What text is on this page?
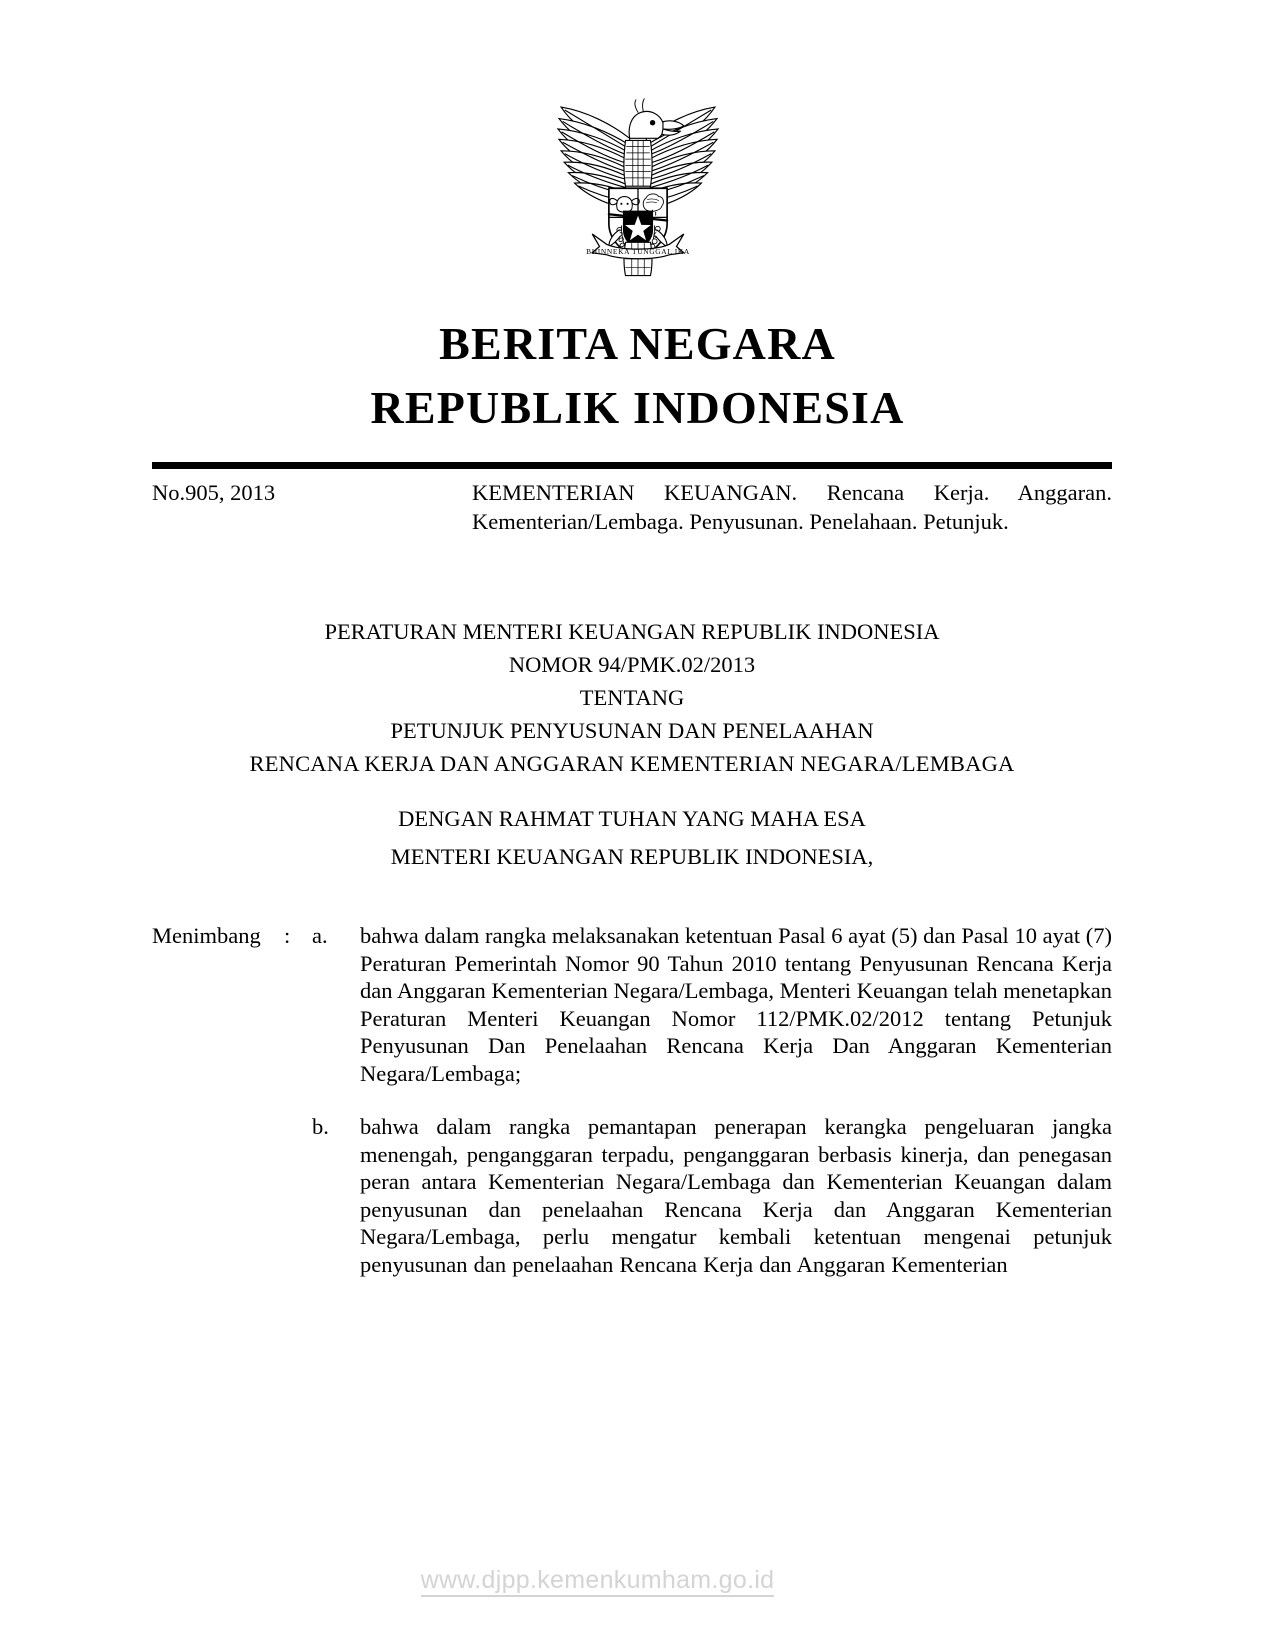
BHINNEKA TUNGGAL IKA
BERITA NEGARA
REPUBLIK INDONESIA
No.905, 2013	KEMENTERIAN KEUANGAN. Rencana Kerja. Anggaran. Kementerian/Lembaga. Penyusunan. Penelahaan. Petunjuk.
PERATURAN MENTERI KEUANGAN REPUBLIK INDONESIA
NOMOR 94/PMK.02/2013
TENTANG
PETUNJUK PENYUSUNAN DAN PENELAAHAN
RENCANA KERJA DAN ANGGARAN KEMENTERIAN NEGARA/LEMBAGA
DENGAN RAHMAT TUHAN YANG MAHA ESA
MENTERI KEUANGAN REPUBLIK INDONESIA,
Menimbang	: a.	bahwa dalam rangka melaksanakan ketentuan Pasal 6 ayat (5) dan Pasal 10 ayat (7) Peraturan Pemerintah Nomor 90 Tahun 2010 tentang Penyusunan Rencana Kerja dan Anggaran Kementerian Negara/Lembaga, Menteri Keuangan telah menetapkan Peraturan Menteri Keuangan Nomor 112/PMK.02/2012 tentang Petunjuk Penyusunan Dan Penelaahan Rencana Kerja Dan Anggaran Kementerian Negara/Lembaga;
b.	bahwa dalam rangka pemantapan penerapan kerangka pengeluaran jangka menengah, penganggaran terpadu, penganggaran berbasis kinerja, dan penegasan peran antara Kementerian Negara/Lembaga dan Kementerian Keuangan dalam penyusunan dan penelaahan Rencana Kerja dan Anggaran Kementerian Negara/Lembaga, perlu mengatur kembali ketentuan mengenai petunjuk penyusunan dan penelaahan Rencana Kerja dan Anggaran Kementerian
www.djpp.kemenkumham.go.id
